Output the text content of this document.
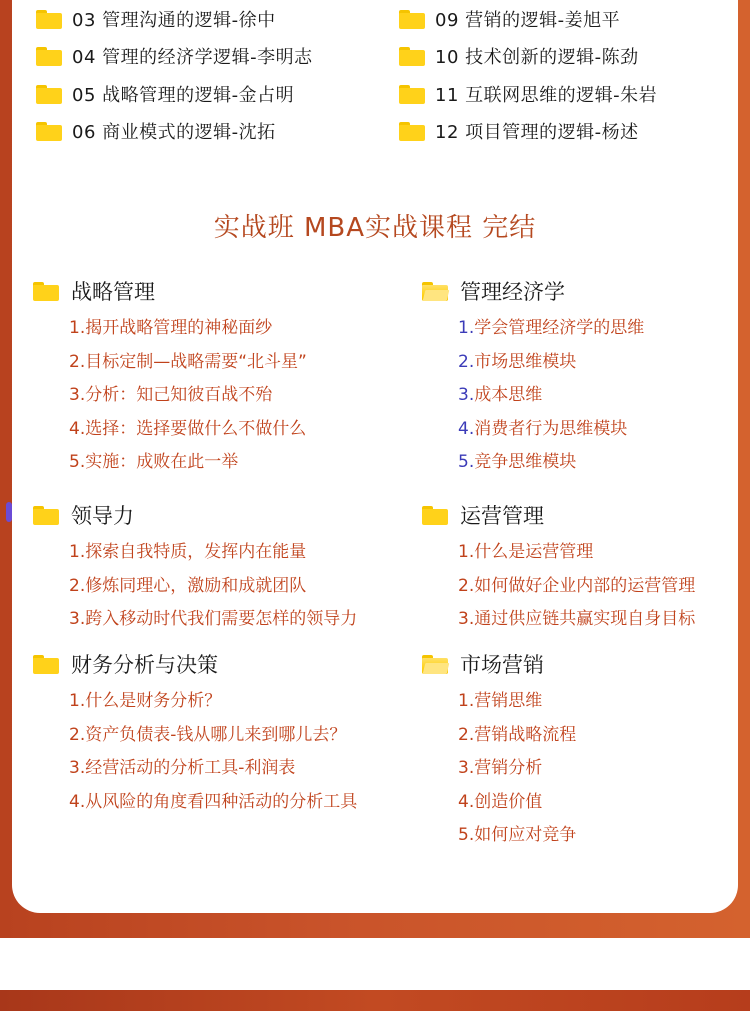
03 管理沟通的逻辑-徐中	09 营销的逻辑-姜旭平
04 管理的经济学逻辑-李明志	10 技术创新的逻辑-陈劲
05 战略管理的逻辑-金占明	11 互联网思维的逻辑-朱岩
06 商业模式的逻辑-沈拓	12 项目管理的逻辑-杨述
实战班 MBA实战课程 完结
战略管理
1.揭开战略管理的神秘面纱
2.目标定制—战略需要“北斗星”
3.分析：知己知彼百战不殆
4.选择：选择要做什么不做什么
5.实施：成败在此一举
管理经济学
1.学会管理经济学的思维
2.市场思维模块
3.成本思维
4.消费者行为思维模块
5.竞争思维模块
领导力
1.探索自我特质，发挥内在能量
2.修炼同理心，激励和成就团队
3.跨入移动时代我们需要怎样的领导力
运营管理
1.什么是运营管理
2.如何做好企业内部的运营管理
3.通过供应链共赢实现自身目标
财务分析与决策
1.什么是财务分析？
2.资产负债表-钱从哪儿来到哪儿去？
3.经营活动的分析工具-利润表
4.从风险的角度看四种活动的分析工具
市场营销
1.营销思维
2.营销战略流程
3.营销分析
4.创造价值
5.如何应对竞争
